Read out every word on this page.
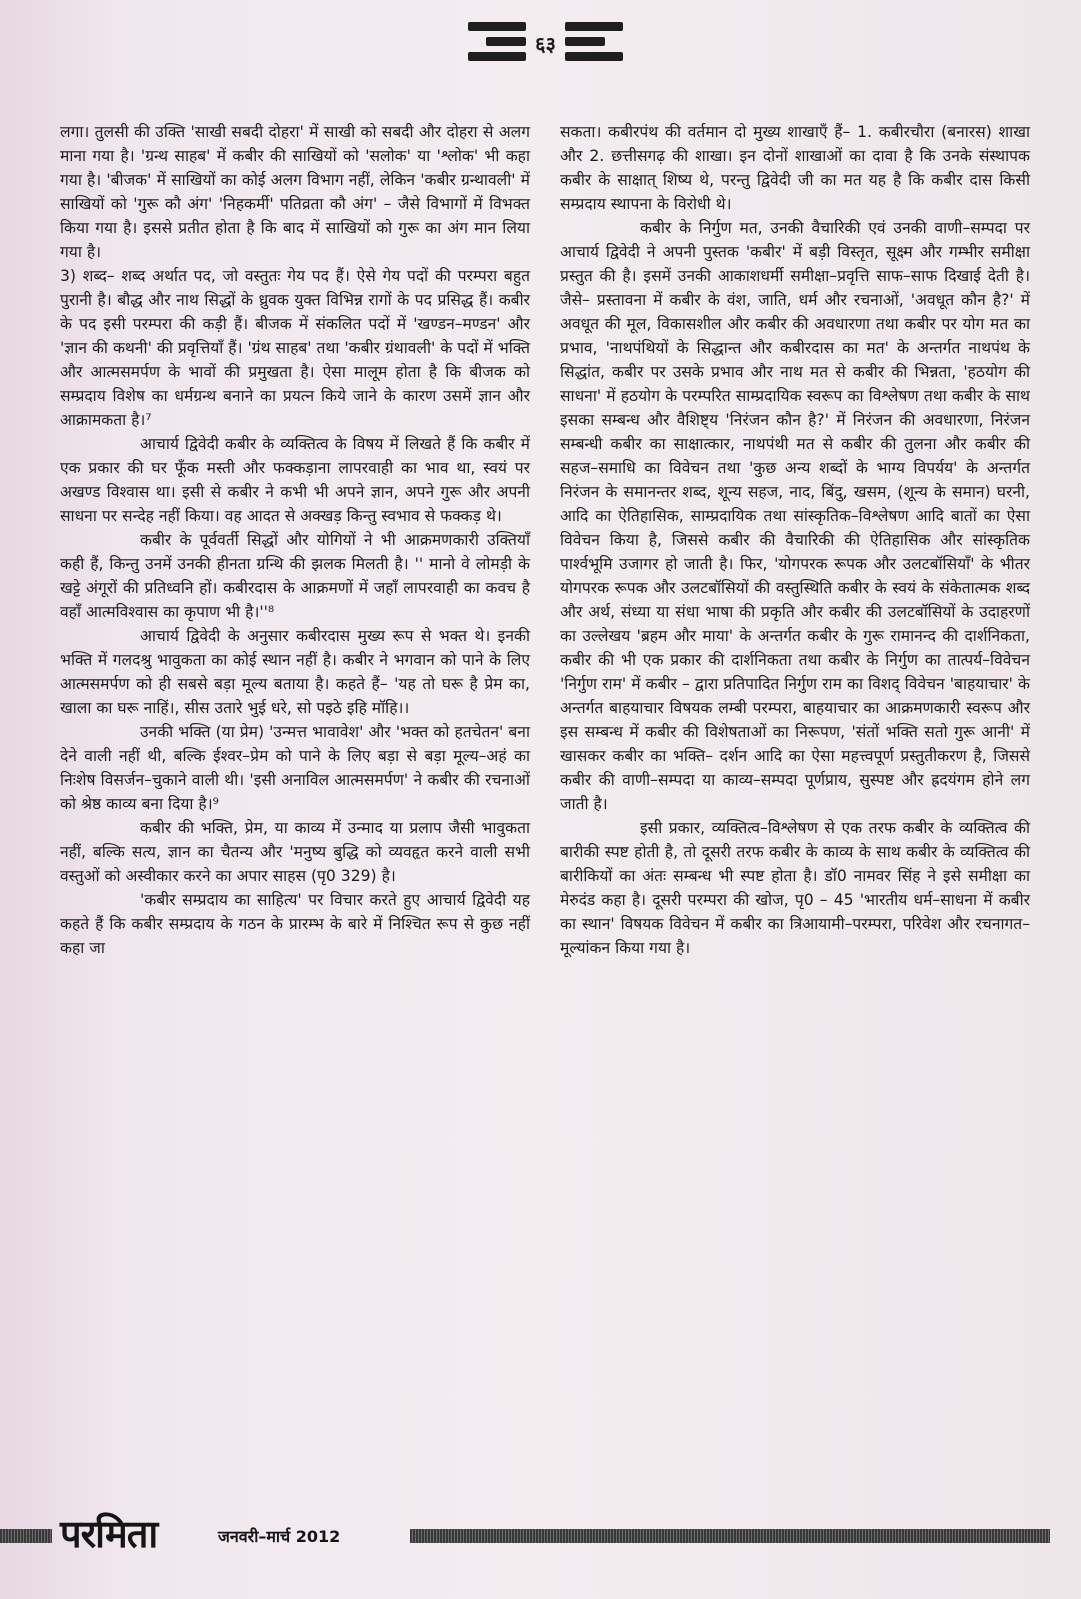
६३

लगा। तुलसी की उक्ति 'साखी सबदी दोहरा' में साखी को सबदी और दोहरा से अलग माना गया है। 'ग्रन्थ साहब' में कबीर की साखियों को 'सलोक' या 'श्लोक' भी कहा गया है। 'बीजक' में साखियों का कोई अलग विभाग नहीं, लेकिन 'कबीर ग्रन्थावली' में साखियों को 'गुरू कौ अंग' 'निहकर्मी' पतिव्रता कौ अंग' – जैसे विभागों में विभक्त किया गया है। इससे प्रतीत होता है कि बाद में साखियों को गुरू का अंग मान लिया गया है।

3) शब्द– शब्द अर्थात पद, जो वस्तुतः गेय पद हैं। ऐसे गेय पदों की परम्परा बहुत पुरानी है। बौद्ध और नाथ सिद्धों के ध्रुवक युक्त विभिन्न रागों के पद प्रसिद्ध हैं। कबीर के पद इसी परम्परा की कड़ी हैं। बीजक में संकलित पदों में 'खण्डन–मण्डन' और 'ज्ञान की कथनी' की प्रवृत्तियाँ हैं। 'ग्रंथ साहब' तथा 'कबीर ग्रंथावली' के पदों में भक्ति और आत्मसमर्पण के भावों की प्रमुखता है। ऐसा मालूम होता है कि बीजक को सम्प्रदाय विशेष का धर्मग्रन्थ बनाने का प्रयत्न किये जाने के कारण उसमें ज्ञान और आक्रामकता है।⁷

आचार्य द्विवेदी कबीर के व्यक्तित्व के विषय में लिखते हैं कि कबीर में एक प्रकार की घर फूँक मस्ती और फक्कड़ाना लापरवाही का भाव था, स्वयं पर अखण्ड विश्वास था। इसी से कबीर ने कभी भी अपने ज्ञान, अपने गुरू और अपनी साधना पर सन्देह नहीं किया। वह आदत से अक्खड़ किन्तु स्वभाव से फक्कड़ थे।

कबीर के पूर्ववर्ती सिद्धों और योगियों ने भी आक्रमणकारी उक्तियाँ कही हैं, किन्तु उनमें उनकी हीनता ग्रन्थि की झलक मिलती है। '' मानो वे लोमड़ी के खट्टे अंगूरों की प्रतिध्वनि हों। कबीरदास के आक्रमणों में जहाँ लापरवाही का कवच है वहाँ आत्मविश्वास का कृपाण भी है।''⁸

आचार्य द्विवेदी के अनुसार कबीरदास मुख्य रूप से भक्त थे। इनकी भक्ति में गलदश्रु भावुकता का कोई स्थान नहीं है। कबीर ने भगवान को पाने के लिए आत्मसमर्पण को ही सबसे बड़ा मूल्य बताया है। कहते हैं– 'यह तो घरू है प्रेम का, खाला का घरू नाहिं।, सीस उतारे भुई धरे, सो पइठे इहि मॉहि।।

उनकी भक्ति (या प्रेम) 'उन्मत्त भावावेश' और 'भक्त को हतचेतन' बना देने वाली नहीं थी, बल्कि ईश्वर–प्रेम को पाने के लिए बड़ा से बड़ा मूल्य–अहं का निःशेष विसर्जन–चुकाने वाली थी। 'इसी अनाविल आत्मसमर्पण' ने कबीर की रचनाओं को श्रेष्ठ काव्य बना दिया है।⁹

कबीर की भक्ति, प्रेम, या काव्य में उन्माद या प्रलाप जैसी भावुकता नहीं, बल्कि सत्य, ज्ञान का चैतन्य और 'मनुष्य बुद्धि को व्यवहृत करने वाली सभी वस्तुओं को अस्वीकार करने का अपार साहस (पृ0 329) है।

'कबीर सम्प्रदाय का साहित्य' पर विचार करते हुए आचार्य द्विवेदी यह कहते हैं कि कबीर सम्प्रदाय के गठन के प्रारम्भ के बारे में निश्चित रूप से कुछ नहीं कहा जा

सकता। कबीरपंथ की वर्तमान दो मुख्य शाखाएँ हैं– 1. कबीरचौरा (बनारस) शाखा और 2. छत्तीसगढ़ की शाखा। इन दोनों शाखाओं का दावा है कि उनके संस्थापक कबीर के साक्षात् शिष्य थे, परन्तु द्विवेदी जी का मत यह है कि कबीर दास किसी सम्प्रदाय स्थापना के विरोधी थे।

कबीर के निर्गुण मत, उनकी वैचारिकी एवं उनकी वाणी–सम्पदा पर आचार्य द्विवेदी ने अपनी पुस्तक 'कबीर' में बड़ी विस्तृत, सूक्ष्म और गम्भीर समीक्षा प्रस्तुत की है। इसमें उनकी आकाशधर्मी समीक्षा–प्रवृत्ति साफ–साफ दिखाई देती है। जैसे– प्रस्तावना में कबीर के वंश, जाति, धर्म और रचनाओं, 'अवधूत कौन है?' में अवधूत की मूल, विकासशील और कबीर की अवधारणा तथा कबीर पर योग मत का प्रभाव, 'नाथपंथियों के सिद्धान्त और कबीरदास का मत' के अन्तर्गत नाथपंथ के सिद्धांत, कबीर पर उसके प्रभाव और नाथ मत से कबीर की भिन्नता, 'हठयोग की साधना' में हठयोग के परम्परित साम्प्रदायिक स्वरूप का विश्लेषण तथा कबीर के साथ इसका सम्बन्ध और वैशिष्ट्य 'निरंजन कौन है?' में निरंजन की अवधारणा, निरंजन सम्बन्धी कबीर का साक्षात्कार, नाथपंथी मत से कबीर की तुलना और कबीर की सहज–समाधि का विवेचन तथा 'कुछ अन्य शब्दों के भाग्य विपर्यय' के अन्तर्गत निरंजन के समानन्तर शब्द, शून्य सहज, नाद, बिंदु, खसम, (शून्य के समान) घरनी, आदि का ऐतिहासिक, साम्प्रदायिक तथा सांस्कृतिक–विश्लेषण आदि बातों का ऐसा विवेचन किया है, जिससे कबीर की वैचारिकी की ऐतिहासिक और सांस्कृतिक पार्श्वभूमि उजागर हो जाती है। फिर, 'योगपरक रूपक और उलटबॉसियाँ' के भीतर योगपरक रूपक और उलटबॉसियों की वस्तुस्थिति कबीर के स्वयं के संकेतात्मक शब्द और अर्थ, संध्या या संधा भाषा की प्रकृति और कबीर की उलटबॉसियों के उदाहरणों का उल्लेखय 'ब्रहम और माया' के अन्तर्गत कबीर के गुरू रामानन्द की दार्शनिकता, कबीर की भी एक प्रकार की दार्शनिकता तथा कबीर के निर्गुण का तात्पर्य–विवेचन 'निर्गुण राम' में कबीर – द्वारा प्रतिपादित निर्गुण राम का विशद् विवेचन 'बाहयाचार' के अन्तर्गत बाहयाचार विषयक लम्बी परम्परा, बाहयाचार का आक्रमणकारी स्वरूप और इस सम्बन्ध में कबीर की विशेषताओं का निरूपण, 'संतों भक्ति सतो गुरू आनी' में खासकर कबीर का भक्ति– दर्शन आदि का ऐसा महत्त्वपूर्ण प्रस्तुतीकरण है, जिससे कबीर की वाणी–सम्पदा या काव्य–सम्पदा पूर्णप्राय, सुस्पष्ट और ह्रदयंगम होने लग जाती है।

इसी प्रकार, व्यक्तित्व–विश्लेषण से एक तरफ कबीर के व्यक्तित्व की बारीकी स्पष्ट होती है, तो दूसरी तरफ कबीर के काव्य के साथ कबीर के व्यक्तित्व की बारीकियों का अंतः सम्बन्ध भी स्पष्ट होता है। डॉ0 नामवर सिंह ने इसे समीक्षा का मेरुदंड कहा है। दूसरी परम्परा की खोज, पृ0 – 45 'भारतीय धर्म–साधना में कबीर का स्थान' विषयक विवेचन में कबीर का त्रिआयामी–परम्परा, परिवेश और रचनागत–मूल्यांकन किया गया है।

परमिता	जनवरी–मार्च 2012
